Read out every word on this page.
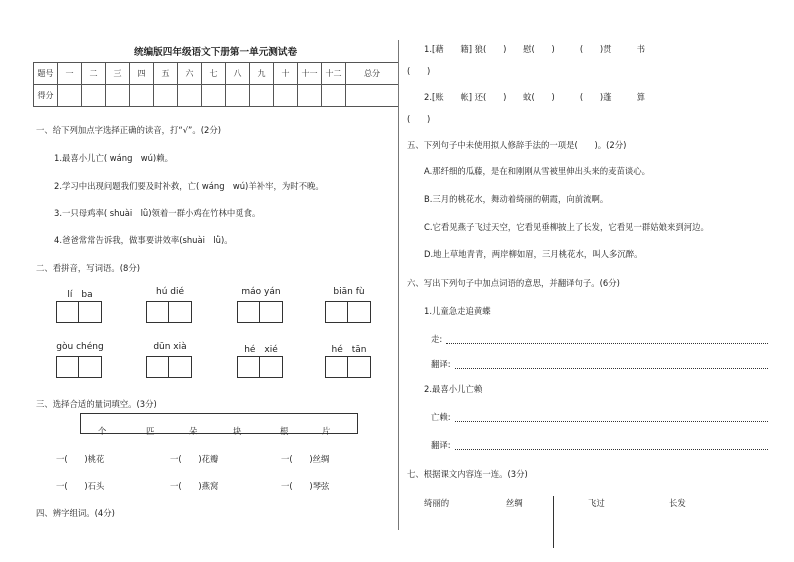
统编版四年级语文下册第一单元测试卷
题号	一	二	三	四	五	六	七	八	九	十	十一	十二	总分
得分													
一、给下列加点字选择正确的读音，打“√”。(2分)
1.最喜小儿亡( wáng　wú)赖。
2.学习中出现问题我们要及时补救，亡( wáng　wú)羊补牢，为时不晚。
3.一只母鸡率( shuài　lǜ)领着一群小鸡在竹林中觅食。
4.爸爸常常告诉我，做事要讲效率(shuài　lǜ)。
二、看拼音，写词语。(8分)
lí　ba	hú dié	máo yán	biān fù
gòu chéng	dūn xià	hé　xié	hé　tān
三、选择合适的量词填空。(3分)
个	匹	朵	块	根	片
一(　　)桃花	一(　　)花瓣	一(　　)丝绸
一(　　)石头	一(　　)燕窝	一(　　)琴弦
四、辨字组词。(4分)
1.[藉　　籍] 狼(　　)　　慰(　　)　　　(　　)贯　　　书
(　　)
2.[账　　帐] 还(　　)　　蚊(　　)　　　(　　)蓬　　　算
(　　)
五、下列句子中未使用拟人修辞手法的一项是(　　)。(2分)
A.那纤细的瓜藤，是在和刚刚从雪被里伸出头来的麦苗谈心。
B.三月的桃花水，舞动着绮丽的朝霞，向前流啊。
C.它看见燕子飞过天空，它看见垂柳披上了长发，它看见一群姑娘来到河边。
D.地上草地青青，两岸柳如眉，三月桃花水，叫人多沉醉。
六、写出下列句子中加点词语的意思，并翻译句子。(6分)
1.儿童急走追黄蝶
走:
翻译:
2.最喜小儿亡赖
亡赖:
翻译:
七、根据课文内容连一连。(3分)
绮丽的	丝绸	飞过	长发
